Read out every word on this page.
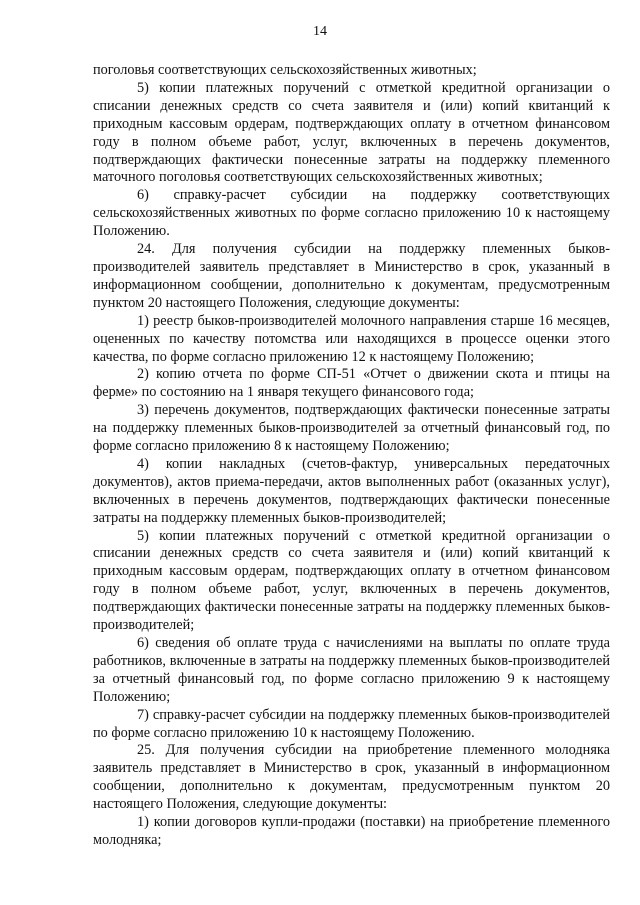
14

поголовья соответствующих сельскохозяйственных животных;

5) копии платежных поручений с отметкой кредитной организации о списании денежных средств со счета заявителя и (или) копий квитанций к приходным кассовым ордерам, подтверждающих оплату в отчетном финансовом году в полном объеме работ, услуг, включенных в перечень документов, подтверждающих фактически понесенные затраты на поддержку племенного маточного поголовья соответствующих сельскохозяйственных животных;

6) справку-расчет субсидии на поддержку соответствующих сельскохозяйственных животных по форме согласно приложению 10 к настоящему Положению.

24. Для получения субсидии на поддержку племенных быков-производителей заявитель представляет в Министерство в срок, указанный в информационном сообщении, дополнительно к документам, предусмотренным пунктом 20 настоящего Положения, следующие документы:

1) реестр быков-производителей молочного направления старше 16 месяцев, оцененных по качеству потомства или находящихся в процессе оценки этого качества, по форме согласно приложению 12 к настоящему Положению;

2) копию отчета по форме СП-51 «Отчет о движении скота и птицы на ферме» по состоянию на 1 января текущего финансового года;

3) перечень документов, подтверждающих фактически понесенные затраты на поддержку племенных быков-производителей за отчетный финансовый год, по форме согласно приложению 8 к настоящему Положению;

4) копии накладных (счетов-фактур, универсальных передаточных документов), актов приема-передачи, актов выполненных работ (оказанных услуг), включенных в перечень документов, подтверждающих фактически понесенные затраты на поддержку племенных быков-производителей;

5) копии платежных поручений с отметкой кредитной организации о списании денежных средств со счета заявителя и (или) копий квитанций к приходным кассовым ордерам, подтверждающих оплату в отчетном финансовом году в полном объеме работ, услуг, включенных в перечень документов, подтверждающих фактически понесенные затраты на поддержку племенных быков-производителей;

6) сведения об оплате труда с начислениями на выплаты по оплате труда работников, включенные в затраты на поддержку племенных быков-производителей за отчетный финансовый год, по форме согласно приложению 9 к настоящему Положению;

7) справку-расчет субсидии на поддержку племенных быков-производителей по форме согласно приложению 10 к настоящему Положению.

25. Для получения субсидии на приобретение племенного молодняка заявитель представляет в Министерство в срок, указанный в информационном сообщении, дополнительно к документам, предусмотренным пунктом 20 настоящего Положения, следующие документы:

1) копии договоров купли-продажи (поставки) на приобретение племенного молодняка;
